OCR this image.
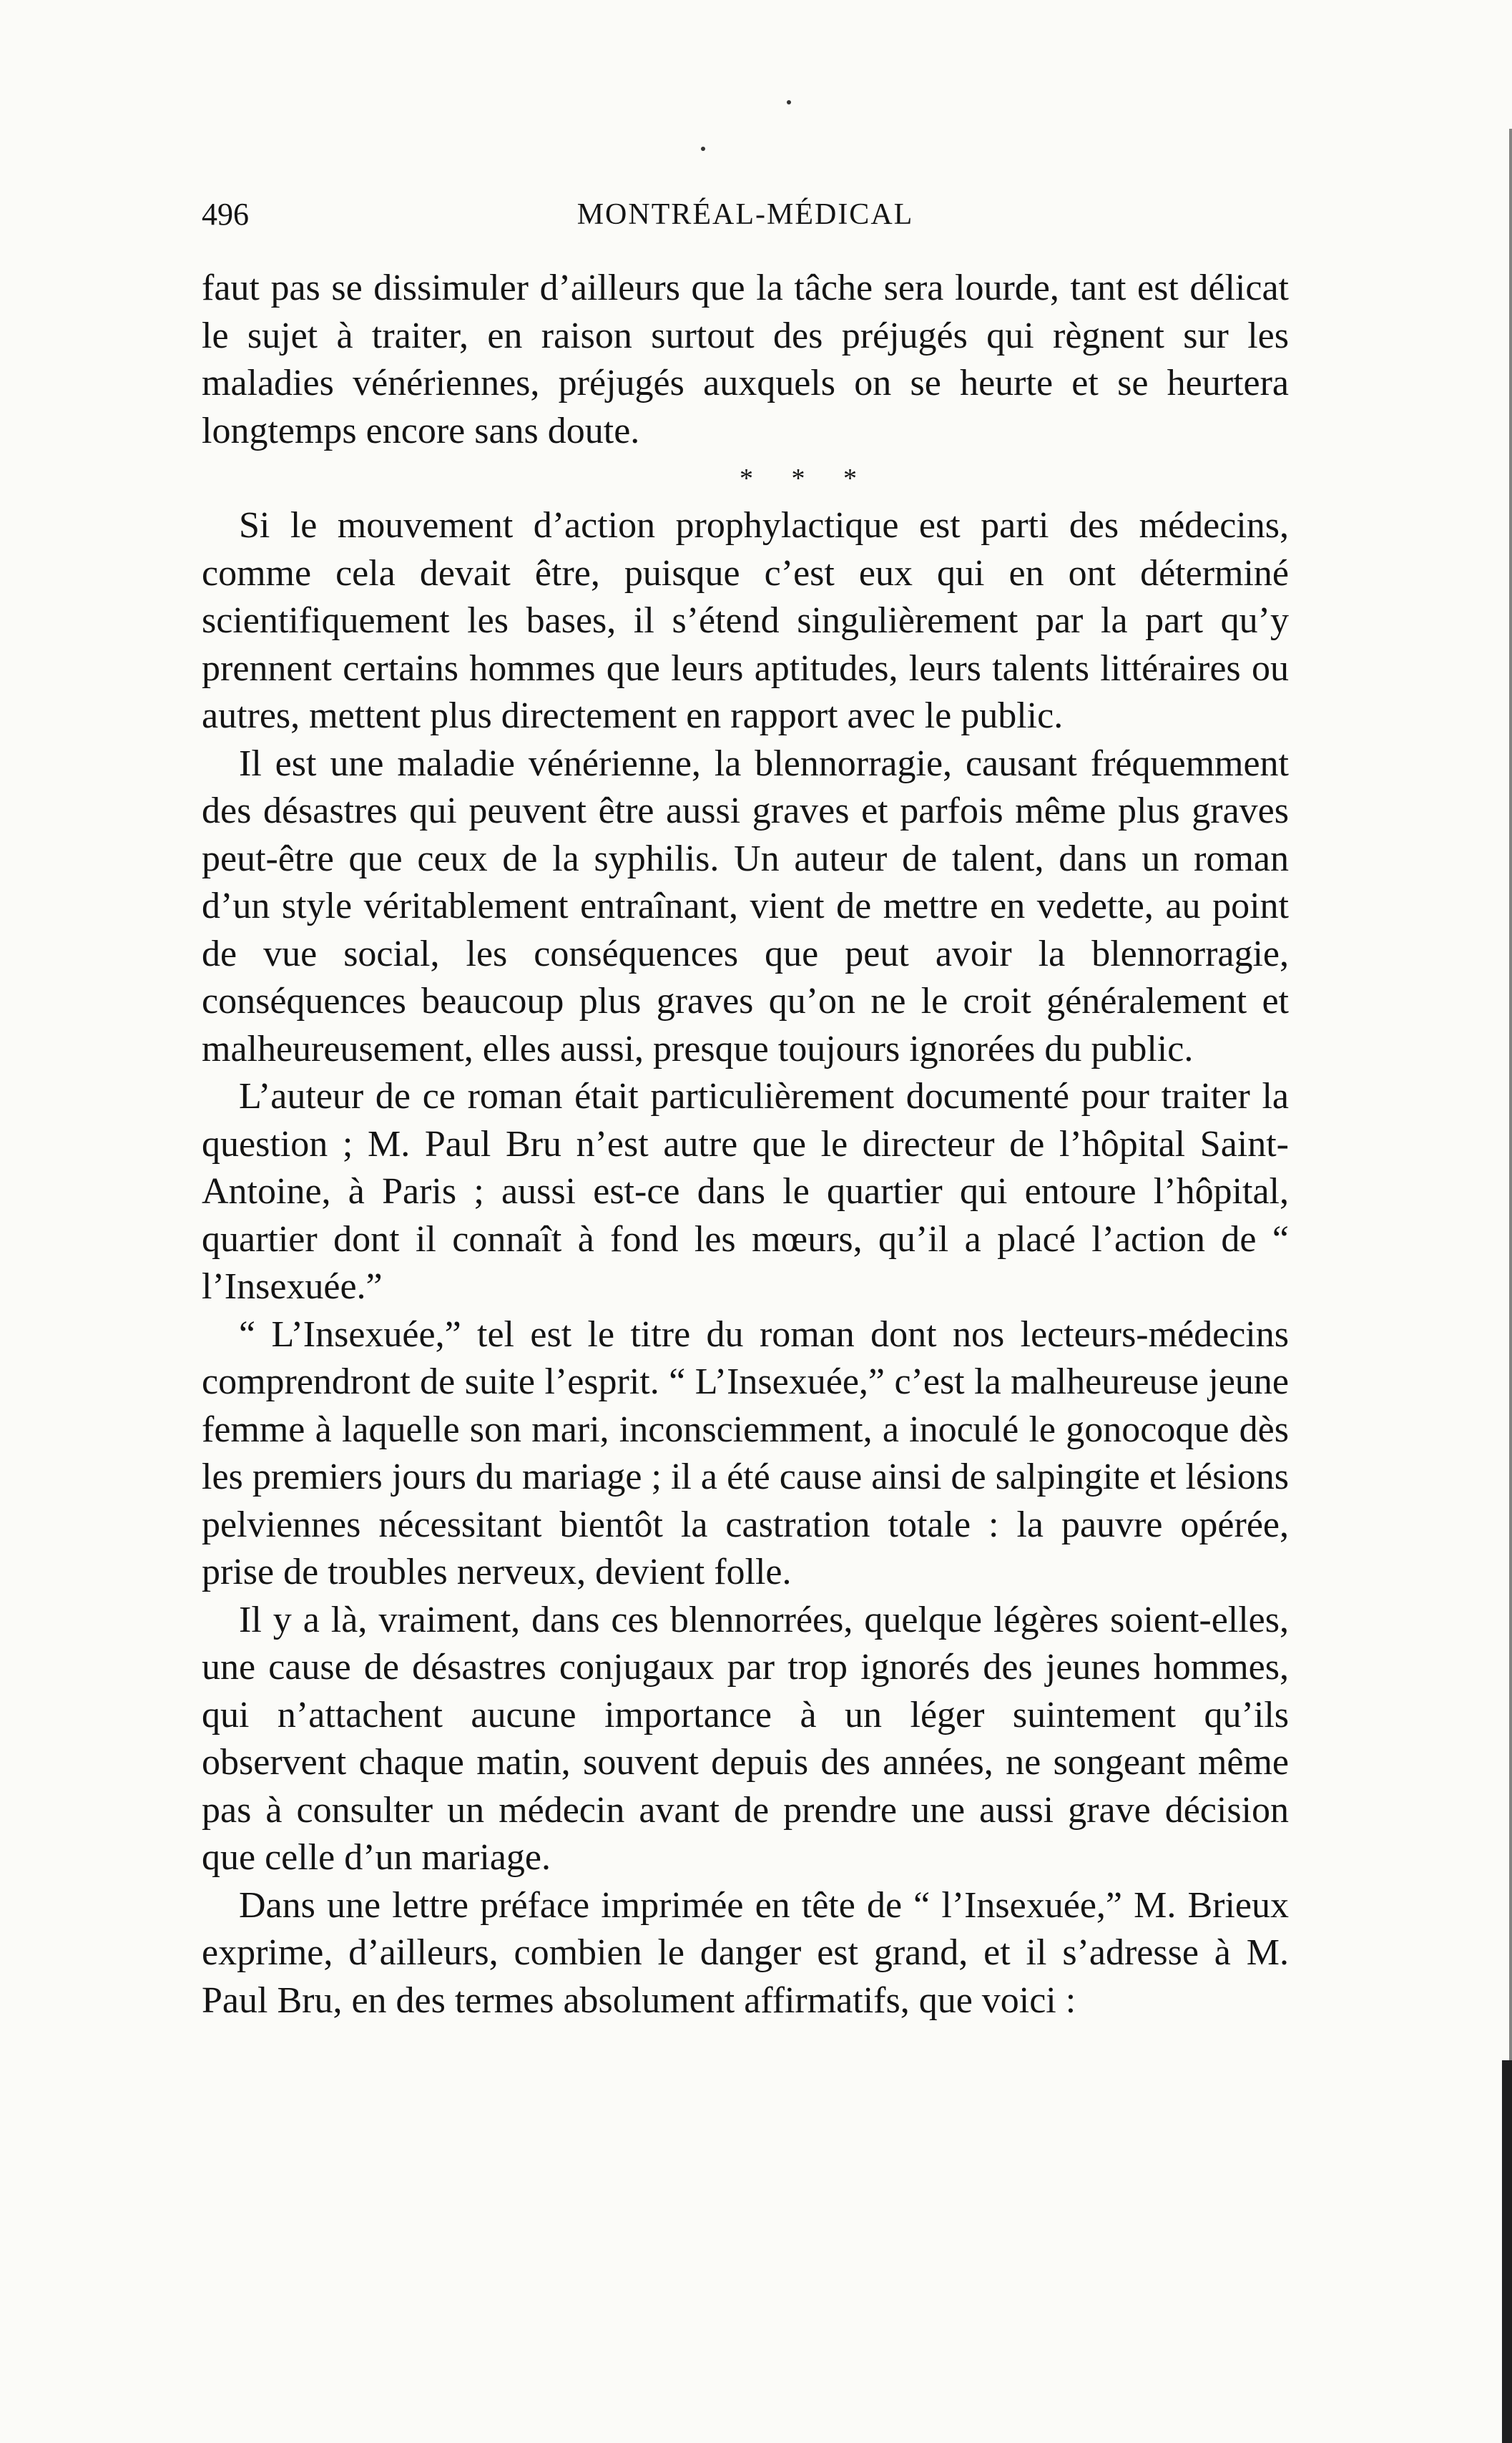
496	MONTRÉAL-MÉDICAL

faut pas se dissimuler d’ailleurs que la tâche sera lourde, tant est délicat le sujet à traiter, en raison surtout des préjugés qui règnent sur les maladies vénériennes, préjugés auxquels on se heurte et se heurtera longtemps encore sans doute.

* * *

Si le mouvement d’action prophylactique est parti des médecins, comme cela devait être, puisque c’est eux qui en ont déterminé scientifiquement les bases, il s’étend singulièrement par la part qu’y prennent certains hommes que leurs aptitudes, leurs talents littéraires ou autres, mettent plus directement en rapport avec le public.

Il est une maladie vénérienne, la blennorragie, causant fréquemment des désastres qui peuvent être aussi graves et parfois même plus graves peut-être que ceux de la syphilis. Un auteur de talent, dans un roman d’un style véritablement entraînant, vient de mettre en vedette, au point de vue social, les conséquences que peut avoir la blennorragie, conséquences beaucoup plus graves qu’on ne le croit généralement et malheureusement, elles aussi, presque toujours ignorées du public.

L’auteur de ce roman était particulièrement documenté pour traiter la question ; M. Paul Bru n’est autre que le directeur de l’hôpital Saint-Antoine, à Paris ; aussi est-ce dans le quartier qui entoure l’hôpital, quartier dont il connaît à fond les mœurs, qu’il a placé l’action de “ l’Insexuée.”

“ L’Insexuée,” tel est le titre du roman dont nos lecteurs-médecins comprendront de suite l’esprit. “ L’Insexuée,” c’est la malheureuse jeune femme à laquelle son mari, inconsciemment, a inoculé le gonocoque dès les premiers jours du mariage ; il a été cause ainsi de salpingite et lésions pelviennes nécessitant bientôt la castration totale : la pauvre opérée, prise de troubles nerveux, devient folle.

Il y a là, vraiment, dans ces blennorrées, quelque légères soient-elles, une cause de désastres conjugaux par trop ignorés des jeunes hommes, qui n’attachent aucune importance à un léger suintement qu’ils observent chaque matin, souvent depuis des années, ne songeant même pas à consulter un médecin avant de prendre une aussi grave décision que celle d’un mariage.

Dans une lettre préface imprimée en tête de “ l’Insexuée,” M. Brieux exprime, d’ailleurs, combien le danger est grand, et il s’adresse à M. Paul Bru, en des termes absolument affirmatifs, que voici :
